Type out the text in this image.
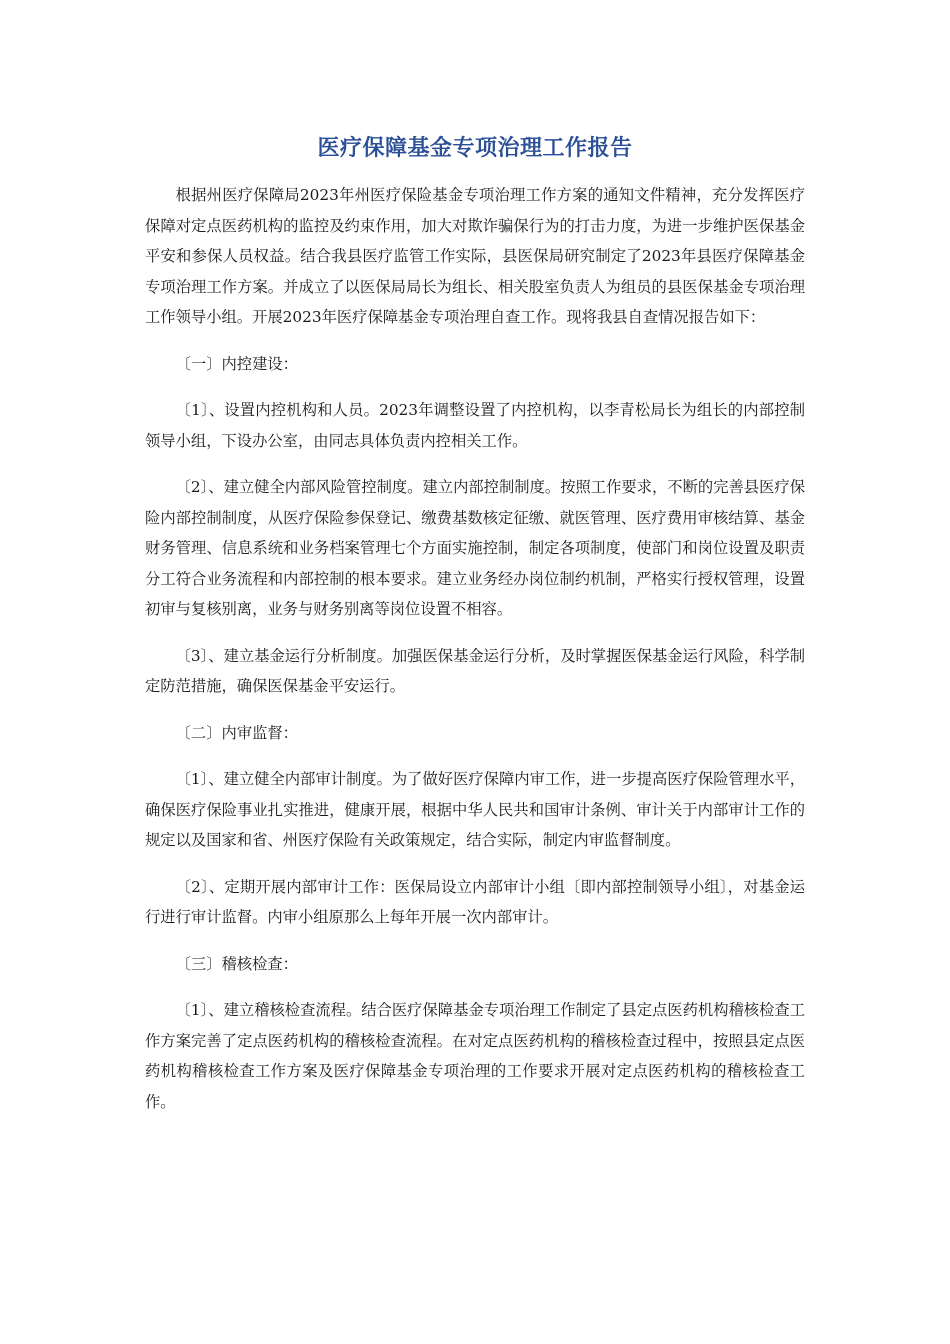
医疗保障基金专项治理工作报告

根据州医疗保障局2023年州医疗保险基金专项治理工作方案的通知文件精神，充分发挥医疗保障对定点医药机构的监控及约束作用，加大对欺诈骗保行为的打击力度，为进一步维护医保基金平安和参保人员权益。结合我县医疗监管工作实际，县医保局研究制定了2023年县医疗保障基金专项治理工作方案。并成立了以医保局局长为组长、相关股室负责人为组员的县医保基金专项治理工作领导小组。开展2023年医疗保障基金专项治理自查工作。现将我县自查情况报告如下：

〔一〕内控建设：

〔1〕、设置内控机构和人员。2023年调整设置了内控机构，以李青松局长为组长的内部控制领导小组，下设办公室，由同志具体负责内控相关工作。

〔2〕、建立健全内部风险管控制度。建立内部控制制度。按照工作要求，不断的完善县医疗保险内部控制制度，从医疗保险参保登记、缴费基数核定征缴、就医管理、医疗费用审核结算、基金财务管理、信息系统和业务档案管理七个方面实施控制，制定各项制度，使部门和岗位设置及职责分工符合业务流程和内部控制的根本要求。建立业务经办岗位制约机制，严格实行授权管理，设置初审与复核别离，业务与财务别离等岗位设置不相容。

〔3〕、建立基金运行分析制度。加强医保基金运行分析，及时掌握医保基金运行风险，科学制定防范措施，确保医保基金平安运行。

〔二〕内审监督：

〔1〕、建立健全内部审计制度。为了做好医疗保障内审工作，进一步提高医疗保险管理水平，确保医疗保险事业扎实推进，健康开展，根据中华人民共和国审计条例、审计关于内部审计工作的规定以及国家和省、州医疗保险有关政策规定，结合实际，制定内审监督制度。

〔2〕、定期开展内部审计工作：医保局设立内部审计小组〔即内部控制领导小组〕，对基金运行进行审计监督。内审小组原那么上每年开展一次内部审计。

〔三〕稽核检查：

〔1〕、建立稽核检查流程。结合医疗保障基金专项治理工作制定了县定点医药机构稽核检查工作方案完善了定点医药机构的稽核检查流程。在对定点医药机构的稽核检查过程中，按照县定点医药机构稽核检查工作方案及医疗保障基金专项治理的工作要求开展对定点医药机构的稽核检查工作。
